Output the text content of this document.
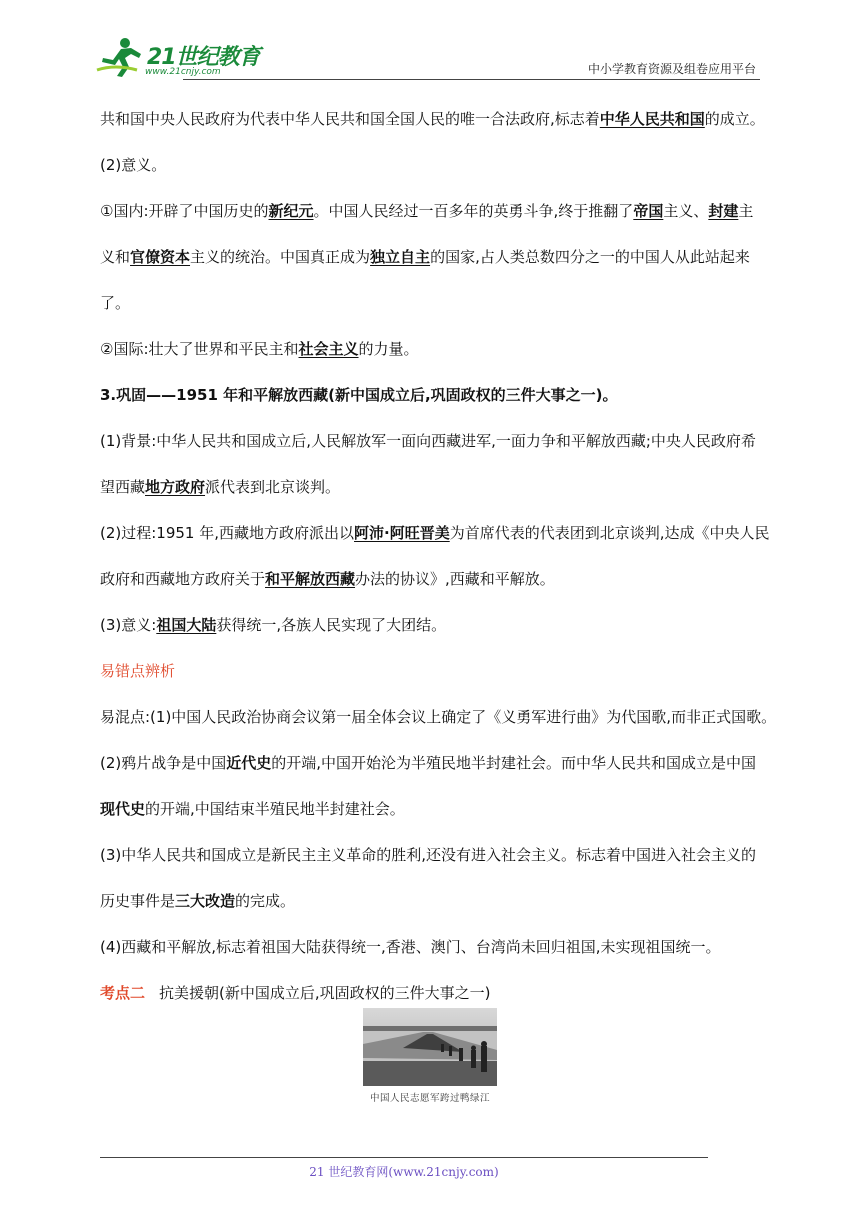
21世纪教育
www.21cnjy.com	中小学教育资源及组卷应用平台

共和国中央人民政府为代表中华人民共和国全国人民的唯一合法政府,标志着中华人民共和国的成立。

(2)意义。

①国内:开辟了中国历史的新纪元。中国人民经过一百多年的英勇斗争,终于推翻了帝国主义、封建主

义和官僚资本主义的统治。中国真正成为独立自主的国家,占人类总数四分之一的中国人从此站起来

了。

②国际:壮大了世界和平民主和社会主义的力量。

3.巩固——1951 年和平解放西藏(新中国成立后,巩固政权的三件大事之一)。

(1)背景:中华人民共和国成立后,人民解放军一面向西藏进军,一面力争和平解放西藏;中央人民政府希

望西藏地方政府派代表到北京谈判。

(2)过程:1951 年,西藏地方政府派出以阿沛·阿旺晋美为首席代表的代表团到北京谈判,达成《中央人民

政府和西藏地方政府关于和平解放西藏办法的协议》,西藏和平解放。

(3)意义:祖国大陆获得统一,各族人民实现了大团结。

易错点辨析

易混点:(1)中国人民政治协商会议第一届全体会议上确定了《义勇军进行曲》为代国歌,而非正式国歌。

(2)鸦片战争是中国近代史的开端,中国开始沦为半殖民地半封建社会。而中华人民共和国成立是中国

现代史的开端,中国结束半殖民地半封建社会。

(3)中华人民共和国成立是新民主主义革命的胜利,还没有进入社会主义。标志着中国进入社会主义的

历史事件是三大改造的完成。

(4)西藏和平解放,标志着祖国大陆获得统一,香港、澳门、台湾尚未回归祖国,未实现祖国统一。

考点二 抗美援朝(新中国成立后,巩固政权的三件大事之一)

中国人民志愿军跨过鸭绿江
21 世纪教育网(www.21cnjy.com)
